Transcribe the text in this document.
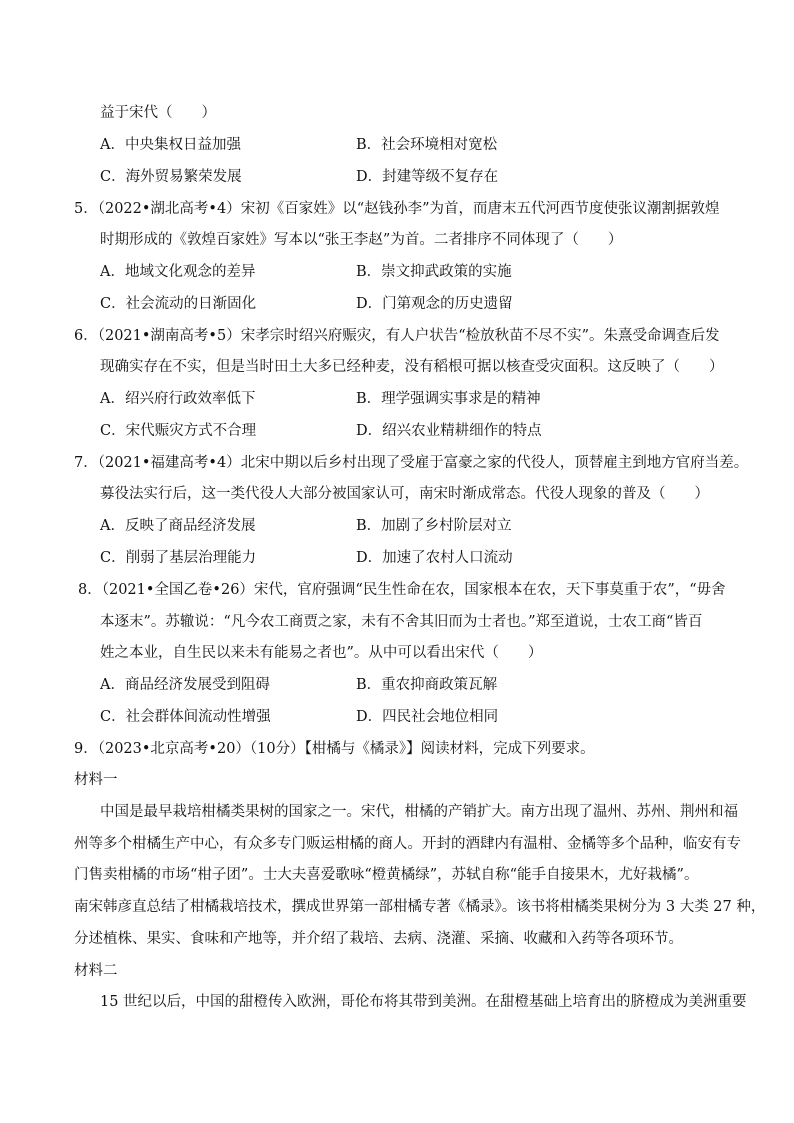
益于宋代（　　）
A．中央集权日益加强	B．社会环境相对宽松
C．海外贸易繁荣发展	D．封建等级不复存在
5．（2022•湖北高考•4）宋初《百家姓》以“赵钱孙李”为首，而唐末五代河西节度使张议潮割据敦煌
时期形成的《敦煌百家姓》写本以“张王李赵”为首。二者排序不同体现了（　　）
A．地域文化观念的差异	B．崇文抑武政策的实施
C．社会流动的日渐固化	D．门第观念的历史遗留
6．（2021•湖南高考•5）宋孝宗时绍兴府赈灾，有人户状告“检放秋苗不尽不实”。朱熹受命调查后发
现确实存在不实，但是当时田土大多已经种麦，没有稻根可据以核查受灾面积。这反映了（　　）
A．绍兴府行政效率低下	B．理学强调实事求是的精神
C．宋代赈灾方式不合理	D．绍兴农业精耕细作的特点
7．（2021•福建高考•4）北宋中期以后乡村出现了受雇于富豪之家的代役人，顶替雇主到地方官府当差。
募役法实行后，这一类代役人大部分被国家认可，南宋时渐成常态。代役人现象的普及（　　）
A．反映了商品经济发展	B．加剧了乡村阶层对立
C．削弱了基层治理能力	D．加速了农村人口流动
8．（2021•全国乙卷•26）宋代，官府强调“民生性命在农，国家根本在农，天下事莫重于农”，“毋舍
本逐末”。苏辙说：“凡今农工商贾之家，未有不舍其旧而为士者也。”郑至道说，士农工商“皆百
姓之本业，自生民以来未有能易之者也”。从中可以看出宋代（　　）
A．商品经济发展受到阻碍	B．重农抑商政策瓦解
C．社会群体间流动性增强	D．四民社会地位相同
9．（2023•北京高考•20）（10分）【柑橘与《橘录》】阅读材料，完成下列要求。
材料一
中国是最早栽培柑橘类果树的国家之一。宋代，柑橘的产销扩大。南方出现了温州、苏州、荆州和福
州等多个柑橘生产中心，有众多专门贩运柑橘的商人。开封的酒肆内有温柑、金橘等多个品种，临安有专
门售卖柑橘的市场“柑子团”。士大夫喜爱歌咏“橙黄橘绿”，苏轼自称“能手自接果木，尤好栽橘”。
南宋韩彦直总结了柑橘栽培技术，撰成世界第一部柑橘专著《橘录》。该书将柑橘类果树分为 3 大类 27 种，
分述植株、果实、食味和产地等，并介绍了栽培、去病、浇灌、采摘、收藏和入药等各项环节。
材料二
15 世纪以后，中国的甜橙传入欧洲，哥伦布将其带到美洲。在甜橙基础上培育出的脐橙成为美洲重要
